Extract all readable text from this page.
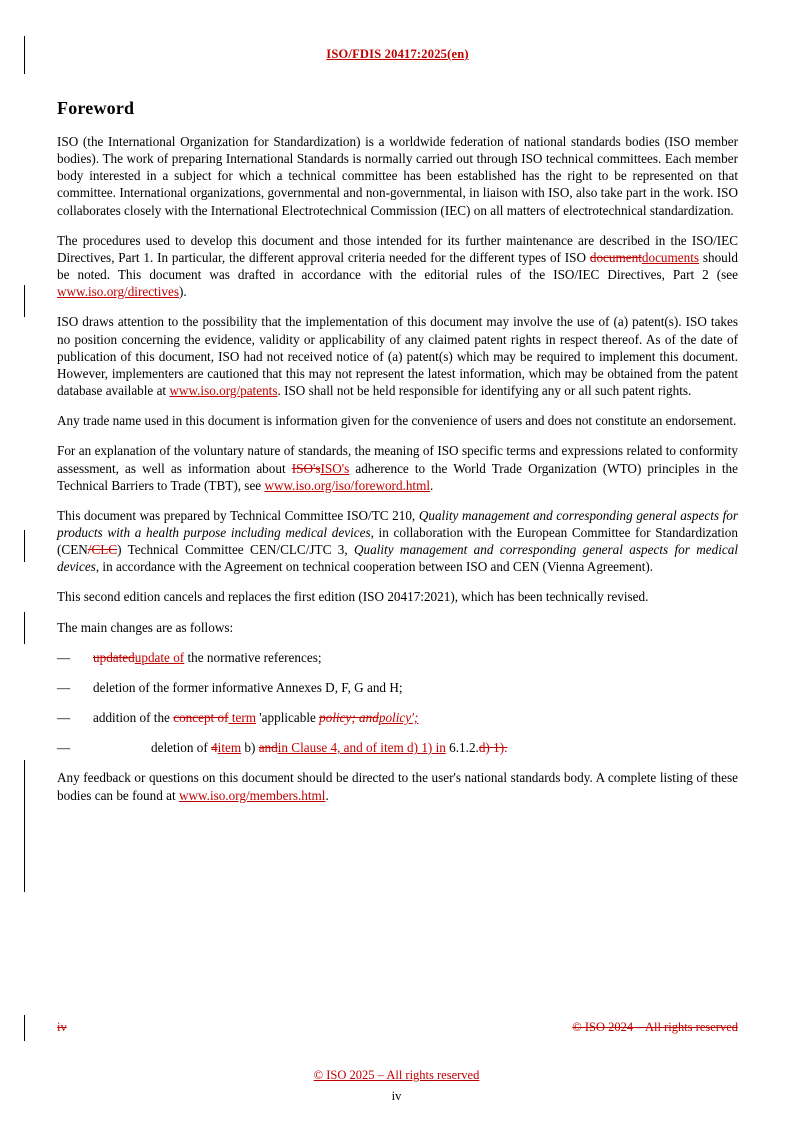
ISO/FDIS 20417:2025(en)
Foreword

ISO (the International Organization for Standardization) is a worldwide federation of national standards bodies (ISO member bodies). The work of preparing International Standards is normally carried out through ISO technical committees. Each member body interested in a subject for which a technical committee has been established has the right to be represented on that committee. International organizations, governmental and non-governmental, in liaison with ISO, also take part in the work. ISO collaborates closely with the International Electrotechnical Commission (IEC) on all matters of electrotechnical standardization.

The procedures used to develop this document and those intended for its further maintenance are described in the ISO/IEC Directives, Part 1. In particular, the different approval criteria needed for the different types of ISO documentdocuments should be noted. This document was drafted in accordance with the editorial rules of the ISO/IEC Directives, Part 2 (see www.iso.org/directives).

ISO draws attention to the possibility that the implementation of this document may involve the use of (a) patent(s). ISO takes no position concerning the evidence, validity or applicability of any claimed patent rights in respect thereof. As of the date of publication of this document, ISO had not received notice of (a) patent(s) which may be required to implement this document. However, implementers are cautioned that this may not represent the latest information, which may be obtained from the patent database available at www.iso.org/patents. ISO shall not be held responsible for identifying any or all such patent rights.

Any trade name used in this document is information given for the convenience of users and does not constitute an endorsement.

For an explanation of the voluntary nature of standards, the meaning of ISO specific terms and expressions related to conformity assessment, as well as information about ISO'sISO's adherence to the World Trade Organization (WTO) principles in the Technical Barriers to Trade (TBT), see www.iso.org/iso/foreword.html.

This document was prepared by Technical Committee ISO/TC 210, Quality management and corresponding general aspects for products with a health purpose including medical devices, in collaboration with the European Committee for Standardization (CEN/CLC) Technical Committee CEN/CLC/JTC 3, Quality management and corresponding general aspects for medical devices, in accordance with the Agreement on technical cooperation between ISO and CEN (Vienna Agreement).

This second edition cancels and replaces the first edition (ISO 20417:2021), which has been technically revised.

The main changes are as follows:

— updatedupdate of the normative references;

— deletion of the former informative Annexes D, F, G and H;

— addition of the concept of term 'applicable policy; andpolicy';

—	deletion of 4item b) andin Clause 4, and of item d) 1) in 6.1.2.d) 1).

Any feedback or questions on this document should be directed to the user's national standards body. A complete listing of these bodies can be found at www.iso.org/members.html.

iv	© ISO 2024 – All rights reserved
© ISO 2025 – All rights reserved
iv
